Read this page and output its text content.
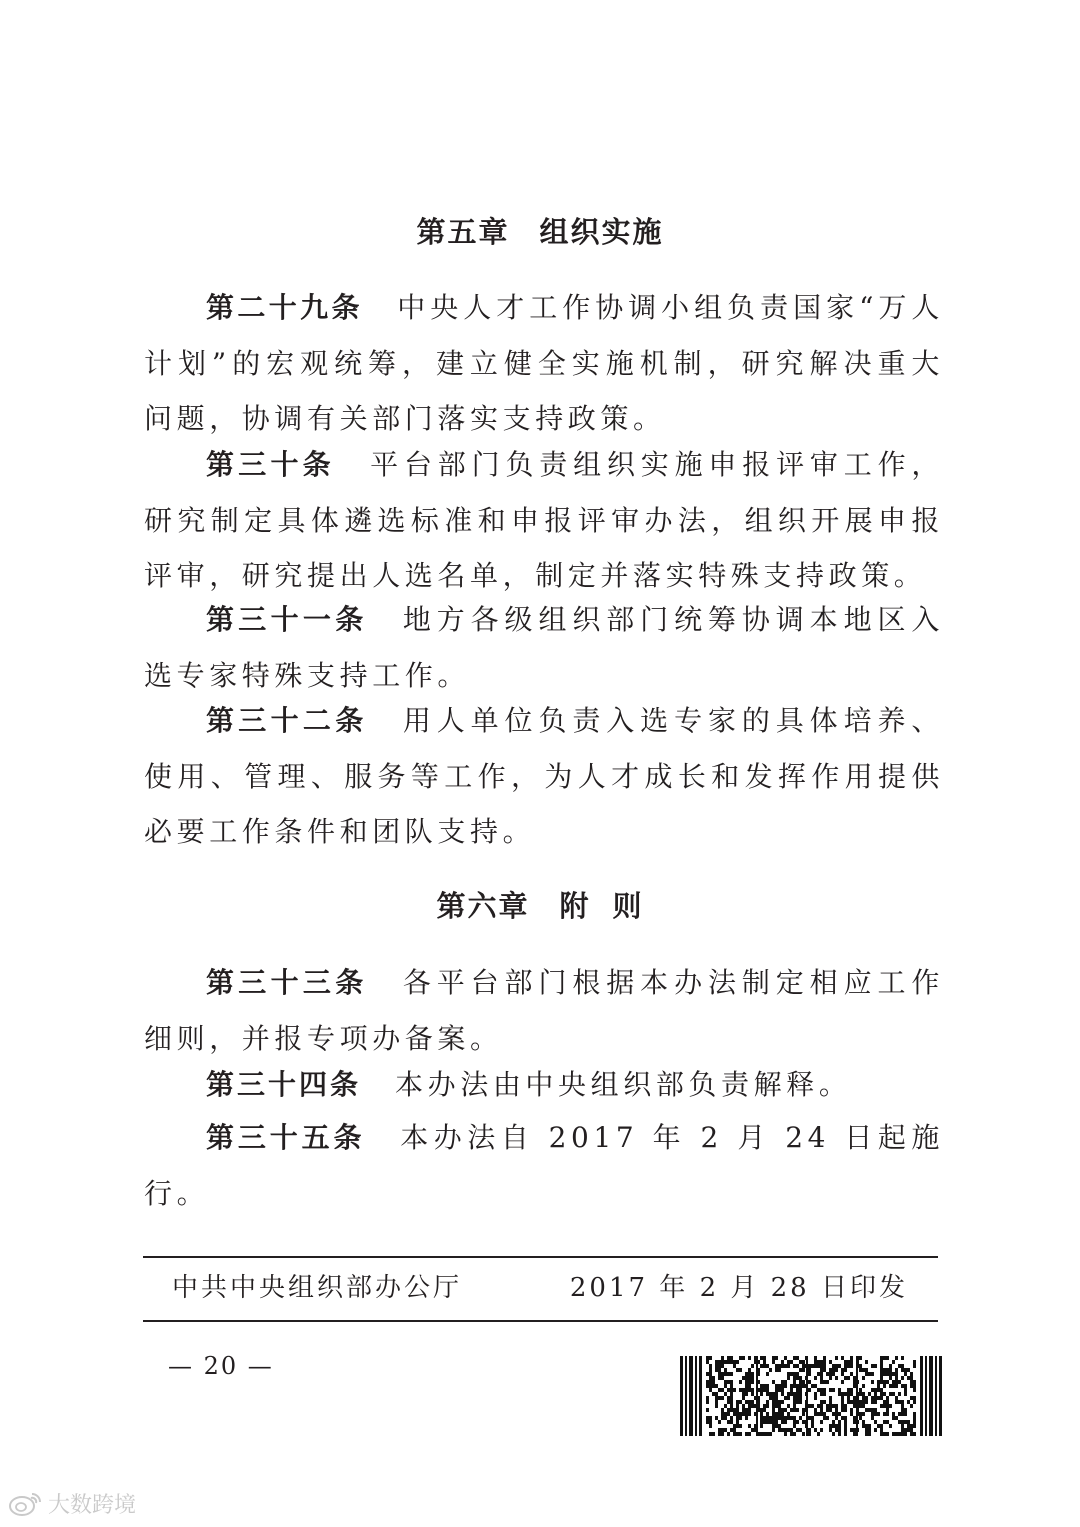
第五章 组织实施
第二十九条 中央人才工作协调小组负责国家“万人计划”的宏观统筹，建立健全实施机制，研究解决重大问题，协调有关部门落实支持政策。
第三十条 平台部门负责组织实施申报评审工作，研究制定具体遴选标准和申报评审办法，组织开展申报评审，研究提出人选名单，制定并落实特殊支持政策。
第三十一条 地方各级组织部门统筹协调本地区入选专家特殊支持工作。
第三十二条 用人单位负责入选专家的具体培养、使用、管理、服务等工作，为人才成长和发挥作用提供必要工作条件和团队支持。
第六章 附 则
第三十三条 各平台部门根据本办法制定相应工作细则，并报专项办备案。
第三十四条 本办法由中央组织部负责解释。
第三十五条 本办法自 2017 年 2 月 24 日起施行。
中共中央组织部办公厅	2017 年 2 月 28 日印发
— 20 —
大数跨境
